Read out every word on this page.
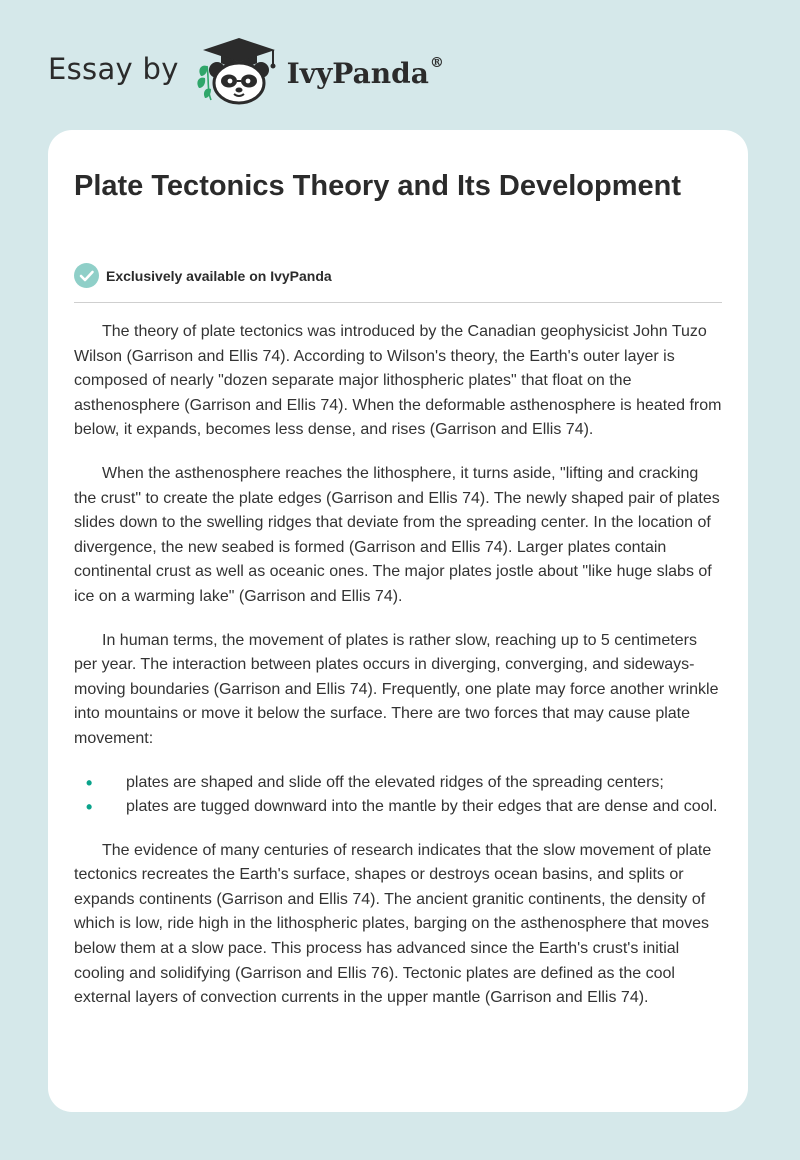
Essay by	IvyPanda®
Plate Tectonics Theory and Its Development
Exclusively available on IvyPanda

The theory of plate tectonics was introduced by the Canadian geophysicist John Tuzo Wilson (Garrison and Ellis 74). According to Wilson's theory, the Earth's outer layer is composed of nearly "dozen separate major lithospheric plates" that float on the asthenosphere (Garrison and Ellis 74). When the deformable asthenosphere is heated from below, it expands, becomes less dense, and rises (Garrison and Ellis 74).

When the asthenosphere reaches the lithosphere, it turns aside, "lifting and cracking the crust" to create the plate edges (Garrison and Ellis 74). The newly shaped pair of plates slides down to the swelling ridges that deviate from the spreading center. In the location of divergence, the new seabed is formed (Garrison and Ellis 74). Larger plates contain continental crust as well as oceanic ones. The major plates jostle about "like huge slabs of ice on a warming lake" (Garrison and Ellis 74).

In human terms, the movement of plates is rather slow, reaching up to 5 centimeters per year. The interaction between plates occurs in diverging, converging, and sideways-moving boundaries (Garrison and Ellis 74). Frequently, one plate may force another wrinkle into mountains or move it below the surface. There are two forces that may cause plate movement:

• plates are shaped and slide off the elevated ridges of the spreading centers;
• plates are tugged downward into the mantle by their edges that are dense and cool.

The evidence of many centuries of research indicates that the slow movement of plate tectonics recreates the Earth's surface, shapes or destroys ocean basins, and splits or expands continents (Garrison and Ellis 74). The ancient granitic continents, the density of which is low, ride high in the lithospheric plates, barging on the asthenosphere that moves below them at a slow pace. This process has advanced since the Earth's crust's initial cooling and solidifying (Garrison and Ellis 76). Tectonic plates are defined as the cool external layers of convection currents in the upper mantle (Garrison and Ellis 74).
